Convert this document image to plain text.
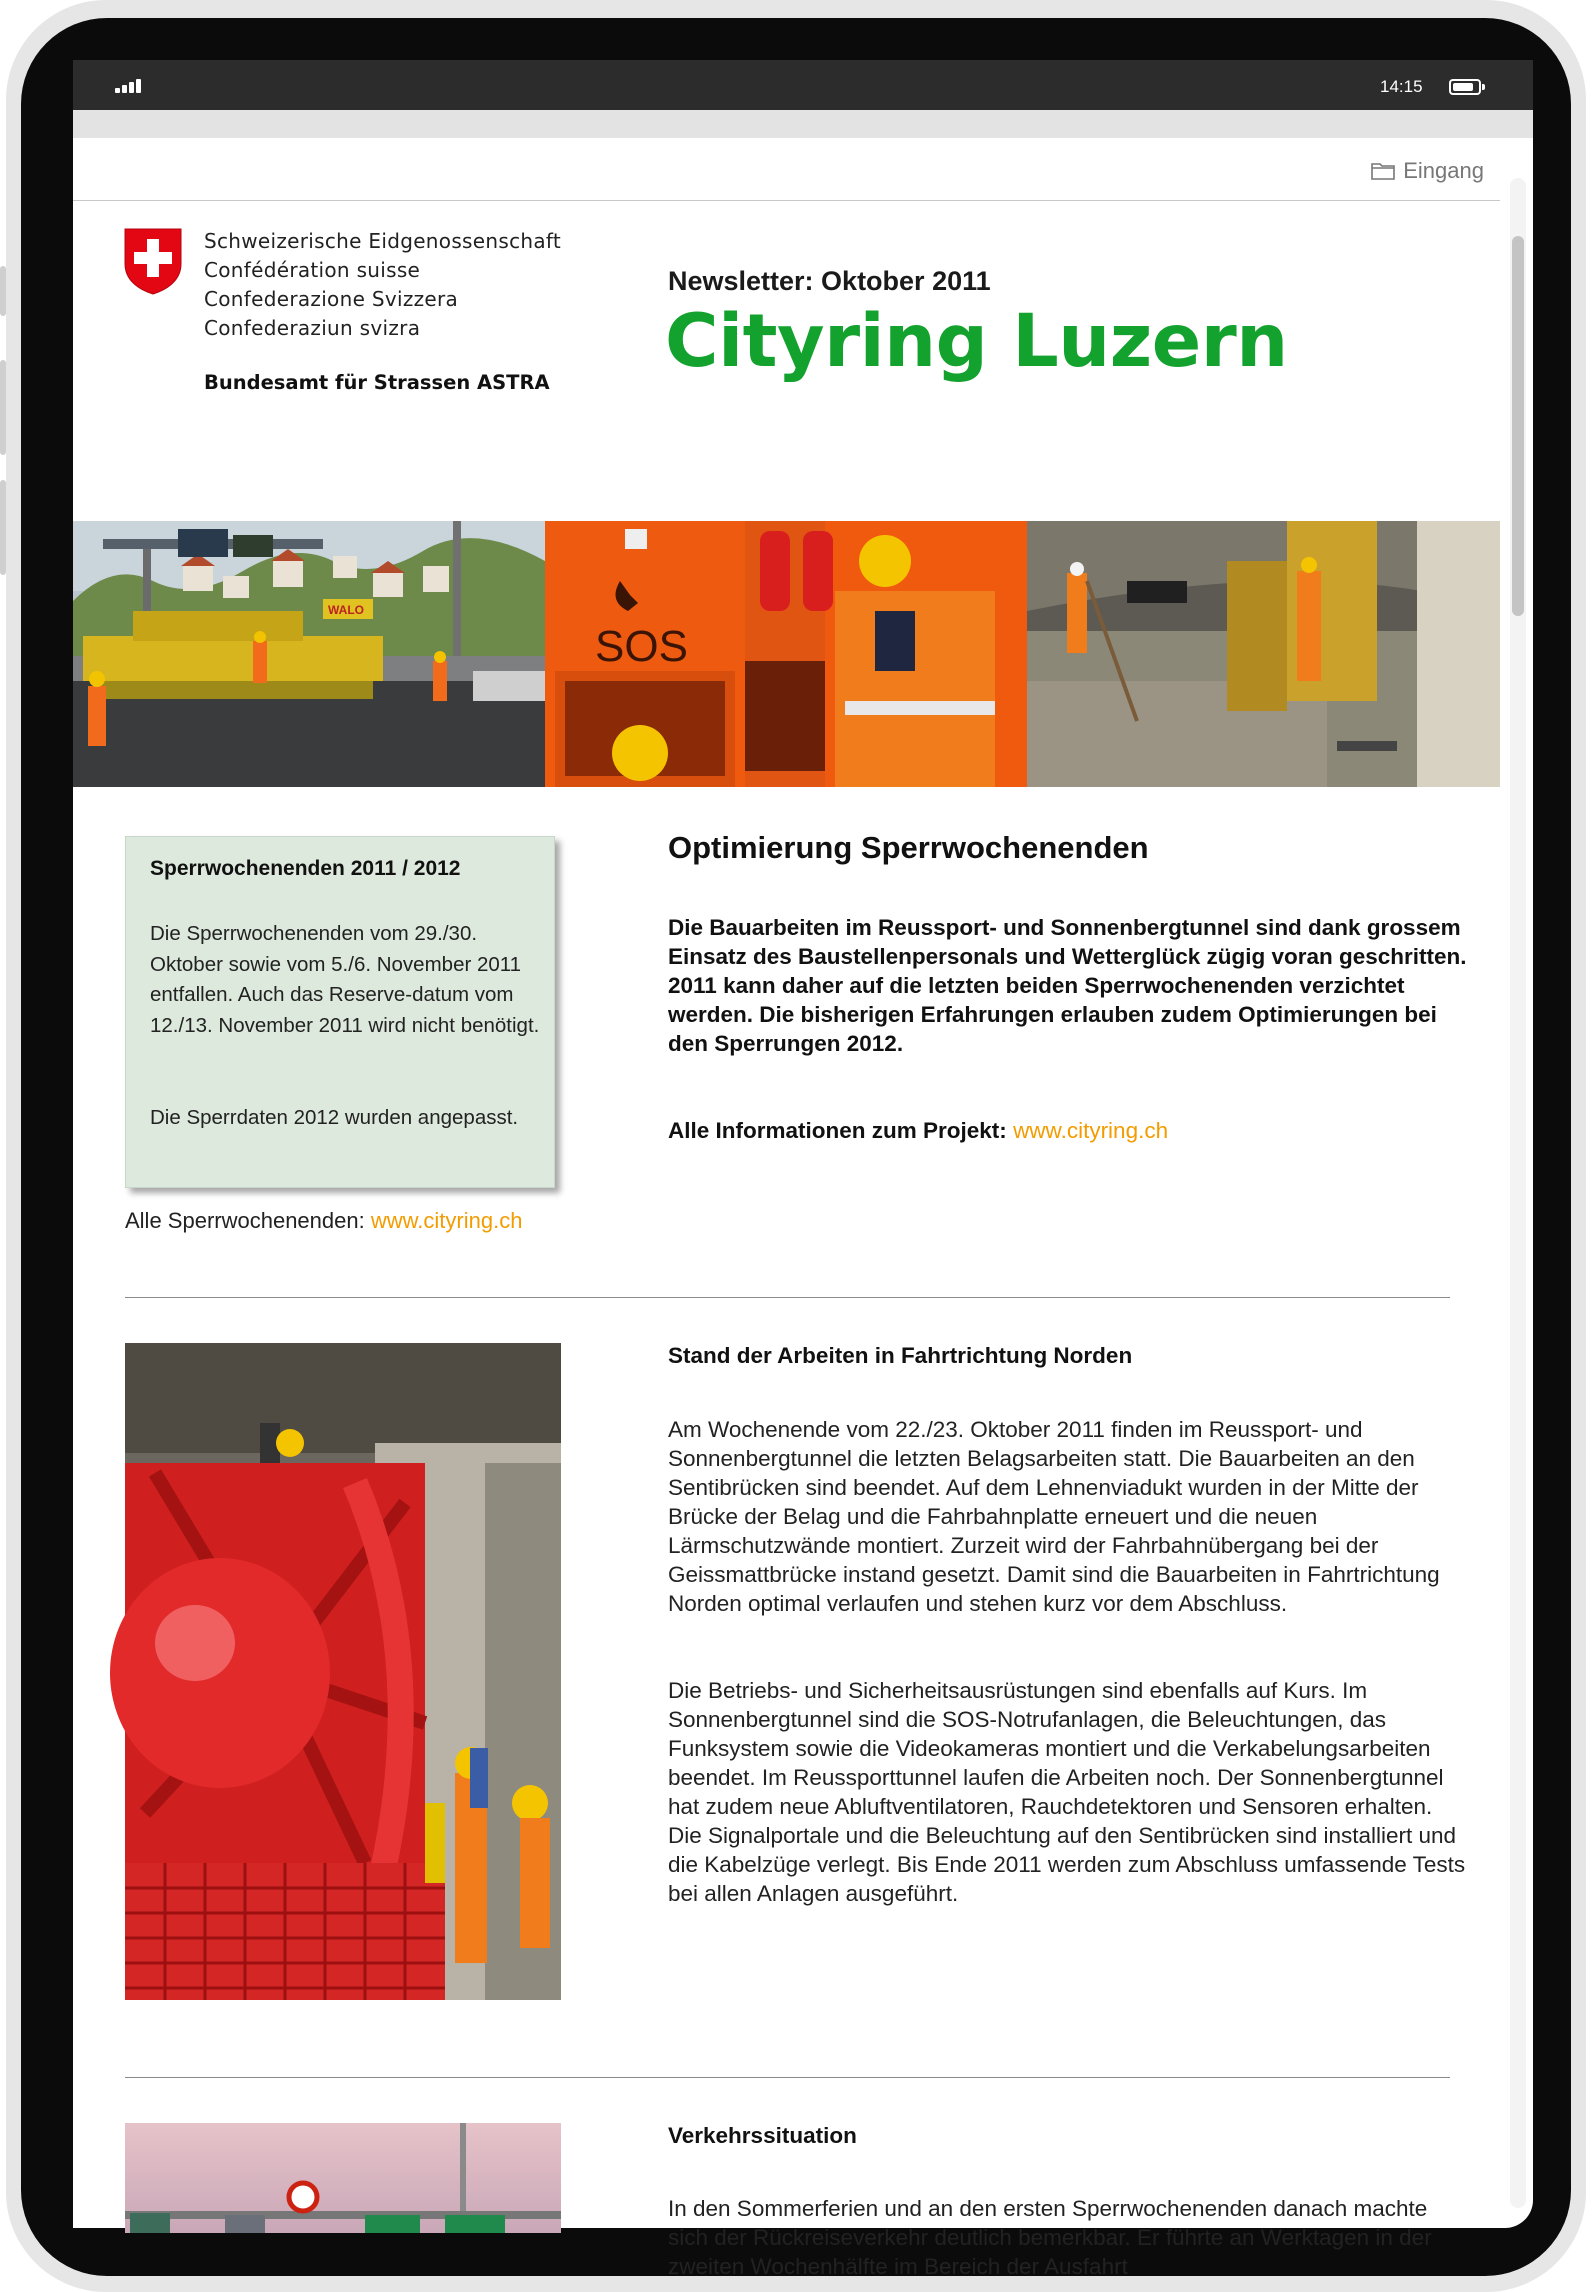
14:15
Eingang
Schweizerische Eidgenossenschaft
Confédération suisse
Confederazione Svizzera
Confederaziun svizra
Bundesamt für Strassen ASTRA
Newsletter: Oktober 2011
Cityring Luzern
WALO
SOS
Sperrwochenenden 2011 / 2012
Die Sperrwochenenden vom 29./30. Oktober sowie vom 5./6. November 2011 entfallen. Auch das Reserve-datum vom 12./13. November 2011 wird nicht benötigt.
Die Sperrdaten 2012 wurden angepasst.
Alle Sperrwochenenden: www.cityring.ch
Optimierung Sperrwochenenden
Die Bauarbeiten im Reussport- und Sonnenbergtunnel sind dank grossem Einsatz des Baustellenpersonals und Wetterglück zügig voran geschritten. 2011 kann daher auf die letzten beiden Sperrwochenenden verzichtet werden. Die bisherigen Erfahrungen erlauben zudem Optimierungen bei den Sperrungen 2012.
Alle Informationen zum Projekt: www.cityring.ch
Stand der Arbeiten in Fahrtrichtung Norden
Am Wochenende vom 22./23. Oktober 2011 finden im Reussport- und Sonnenbergtunnel die letzten Belagsarbeiten statt. Die Bauarbeiten an den Sentibrücken sind beendet. Auf dem Lehnenviadukt wurden in der Mitte der Brücke der Belag und die Fahrbahnplatte erneuert und die neuen Lärmschutzwände montiert. Zurzeit wird der Fahrbahnübergang bei der Geissmattbrücke instand gesetzt. Damit sind die Bauarbeiten in Fahrtrichtung Norden optimal verlaufen und stehen kurz vor dem Abschluss.
Die Betriebs- und Sicherheitsausrüstungen sind ebenfalls auf Kurs. Im Sonnenbergtunnel sind die SOS-Notrufanlagen, die Beleuchtungen, das Funksystem sowie die Videokameras montiert und die Verkabelungsarbeiten beendet. Im Reussporttunnel laufen die Arbeiten noch. Der Sonnenbergtunnel hat zudem neue Abluftventilatoren, Rauchdetektoren und Sensoren erhalten. Die Signalportale und die Beleuchtung auf den Sentibrücken sind installiert und die Kabelzüge verlegt. Bis Ende 2011 werden zum Abschluss umfassende Tests bei allen Anlagen ausgeführt.
Verkehrssituation
In den Sommerferien und an den ersten Sperrwochenenden danach machte sich der Rückreiseverkehr deutlich bemerkbar. Er führte an Werktagen in der zweiten Wochenhälfte im Bereich der Ausfahrt
